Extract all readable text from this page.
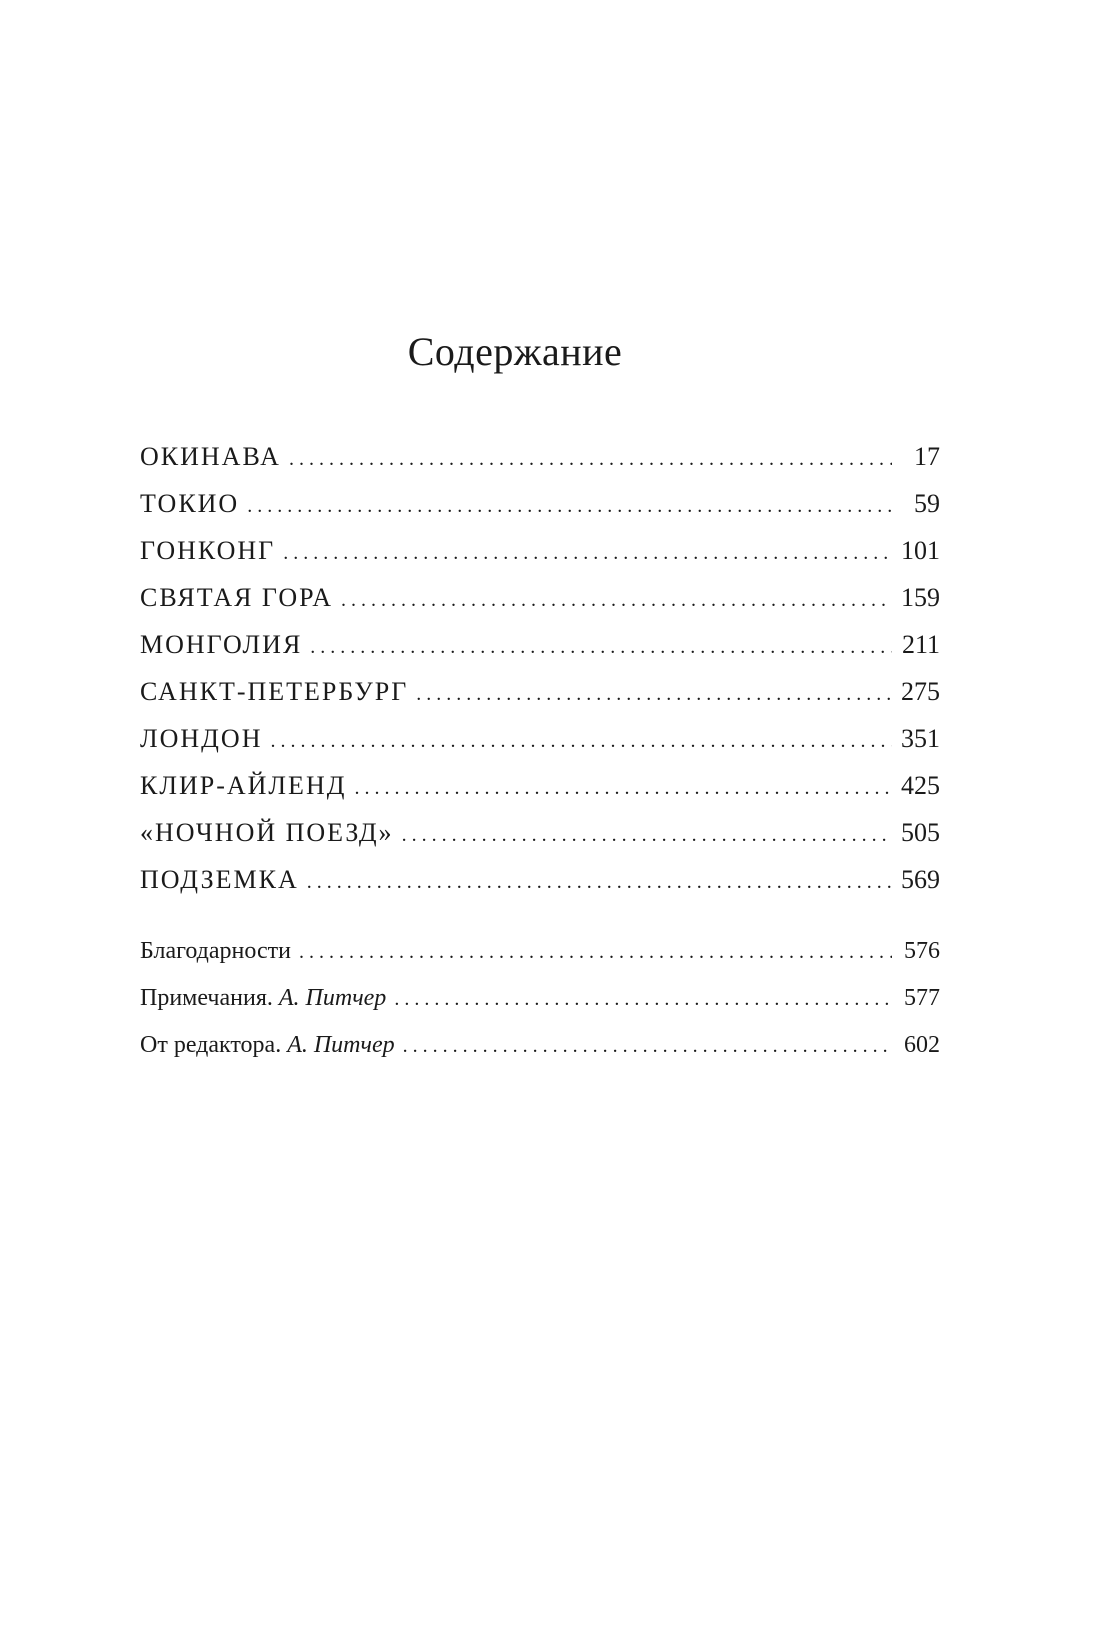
Содержание
ОКИНАВА . . .	17
ТОКИО . . .	59
ГОНКОНГ . . .	101
СВЯТАЯ ГОРА . . .	159
МОНГОЛИЯ . . .	211
САНКТ-ПЕТЕРБУРГ . . .	275
ЛОНДОН . . .	351
КЛИР-АЙЛЕНД . . .	425
«НОЧНОЙ ПОЕЗД» . . .	505
ПОДЗЕМКА . . .	569
Благодарности . . .	576
Примечания. А. Питчер . . .	577
От редактора. А. Питчер . . .	602
